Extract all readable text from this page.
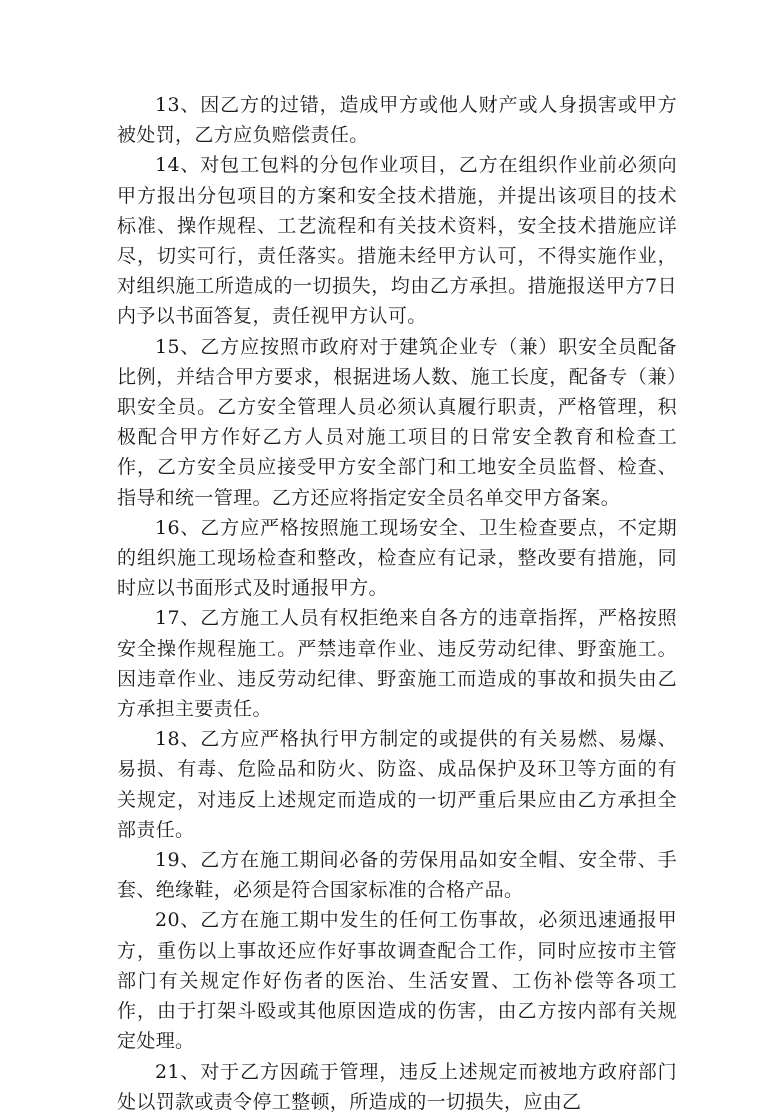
13、因乙方的过错，造成甲方或他人财产或人身损害或甲方被处罚，乙方应负赔偿责任。

14、对包工包料的分包作业项目，乙方在组织作业前必须向甲方报出分包项目的方案和安全技术措施，并提出该项目的技术标准、操作规程、工艺流程和有关技术资料，安全技术措施应详尽，切实可行，责任落实。措施未经甲方认可，不得实施作业，对组织施工所造成的一切损失，均由乙方承担。措施报送甲方7日内予以书面答复，责任视甲方认可。

15、乙方应按照市政府对于建筑企业专（兼）职安全员配备比例，并结合甲方要求，根据进场人数、施工长度，配备专（兼）职安全员。乙方安全管理人员必须认真履行职责，严格管理，积极配合甲方作好乙方人员对施工项目的日常安全教育和检查工作，乙方安全员应接受甲方安全部门和工地安全员监督、检查、指导和统一管理。乙方还应将指定安全员名单交甲方备案。

16、乙方应严格按照施工现场安全、卫生检查要点，不定期的组织施工现场检查和整改，检查应有记录，整改要有措施，同时应以书面形式及时通报甲方。

17、乙方施工人员有权拒绝来自各方的违章指挥，严格按照安全操作规程施工。严禁违章作业、违反劳动纪律、野蛮施工。因违章作业、违反劳动纪律、野蛮施工而造成的事故和损失由乙方承担主要责任。

18、乙方应严格执行甲方制定的或提供的有关易燃、易爆、易损、有毒、危险品和防火、防盗、成品保护及环卫等方面的有关规定，对违反上述规定而造成的一切严重后果应由乙方承担全部责任。

19、乙方在施工期间必备的劳保用品如安全帽、安全带、手套、绝缘鞋，必须是符合国家标准的合格产品。

20、乙方在施工期中发生的任何工伤事故，必须迅速通报甲方，重伤以上事故还应作好事故调查配合工作，同时应按市主管部门有关规定作好伤者的医治、生活安置、工伤补偿等各项工作，由于打架斗殴或其他原因造成的伤害，由乙方按内部有关规定处理。

21、对于乙方因疏于管理，违反上述规定而被地方政府部门处以罚款或责令停工整顿，所造成的一切损失，应由乙
